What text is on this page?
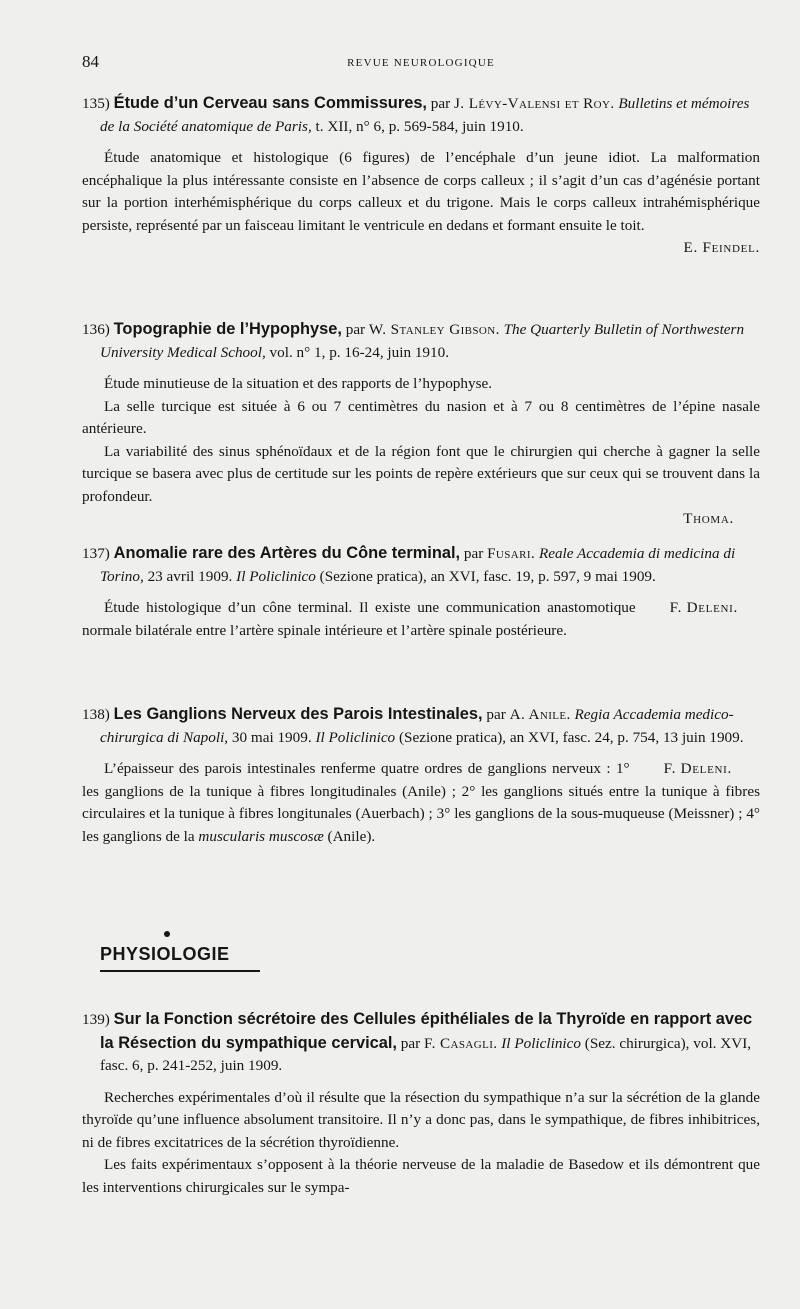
84	REVUE NEUROLOGIQUE

135) Étude d’un Cerveau sans Commissures, par J. Lévy-Valensi et Roy. Bulletins et mémoires de la Société anatomique de Paris, t. XII, n° 6, p. 569-584, juin 1910.

Étude anatomique et histologique (6 figures) de l’encéphale d’un jeune idiot. La malformation encéphalique la plus intéressante consiste en l’absence de corps calleux ; il s’agit d’un cas d’agénésie portant sur la portion interhémisphérique du corps calleux et du trigone. Mais le corps calleux intrahémisphérique persiste, représenté par un faisceau limitant le ventricule en dedans et formant ensuite le toit.

E. Feindel.

136) Topographie de l’Hypophyse, par W. Stanley Gibson. The Quarterly Bulletin of Northwestern University Medical School, vol. n° 1, p. 16-24, juin 1910.

Étude minutieuse de la situation et des rapports de l’hypophyse.

La selle turcique est située à 6 ou 7 centimètres du nasion et à 7 ou 8 centimètres de l’épine nasale antérieure.

La variabilité des sinus sphénoïdaux et de la région font que le chirurgien qui cherche à gagner la selle turcique se basera avec plus de certitude sur les points de repère extérieurs que sur ceux qui se trouvent dans la profondeur.

Thoma.

137) Anomalie rare des Artères du Cône terminal, par Fusari. Reale Accademia di medicina di Torino, 23 avril 1909. Il Policlinico (Sezione pratica), an XVI, fasc. 19, p. 597, 9 mai 1909.

F. Deleni.
Étude histologique d’un cône terminal. Il existe une communication anastomotique normale bilatérale entre l’artère spinale intérieure et l’artère spinale postérieure.

138) Les Ganglions Nerveux des Parois Intestinales, par A. Anile. Regia Accademia medico-chirurgica di Napoli, 30 mai 1909. Il Policlinico (Sezione pratica), an XVI, fasc. 24, p. 754, 13 juin 1909.

F. Deleni.
L’épaisseur des parois intestinales renferme quatre ordres de ganglions nerveux : 1° les ganglions de la tunique à fibres longitudinales (Anile) ; 2° les ganglions situés entre la tunique à fibres circulaires et la tunique à fibres longitunales (Auerbach) ; 3° les ganglions de la sous-muqueuse (Meissner) ; 4° les ganglions de la muscularis muscosæ (Anile).

PHYSIOLOGIE

139) Sur la Fonction sécrétoire des Cellules épithéliales de la Thyroïde en rapport avec la Résection du sympathique cervical, par F. Casagli. Il Policlinico (Sez. chirurgica), vol. XVI, fasc. 6, p. 241-252, juin 1909.

Recherches expérimentales d’où il résulte que la résection du sympathique n’a sur la sécrétion de la glande thyroïde qu’une influence absolument transitoire. Il n’y a donc pas, dans le sympathique, de fibres inhibitrices, ni de fibres excitatrices de la sécrétion thyroïdienne.

Les faits expérimentaux s’opposent à la théorie nerveuse de la maladie de Basedow et ils démontrent que les interventions chirurgicales sur le sympa-
